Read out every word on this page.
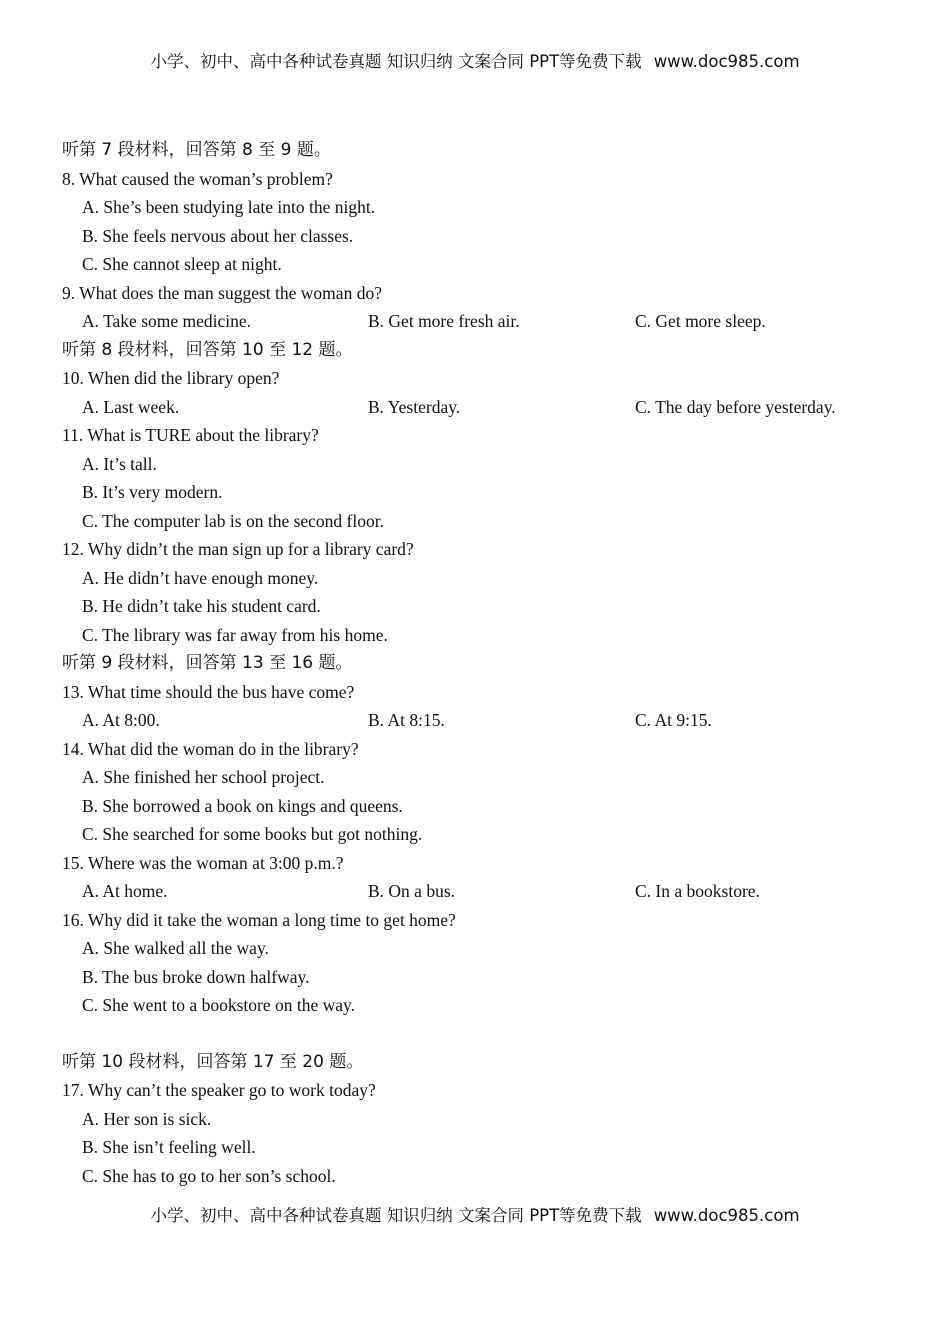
小学、初中、高中各种试卷真题 知识归纳 文案合同 PPT等免费下载 www.doc985.com
听第 7 段材料，回答第 8 至 9 题。
8. What caused the woman’s problem?
A. She’s been studying late into the night.
B. She feels nervous about her classes.
C. She cannot sleep at night.
9. What does the man suggest the woman do?
A. Take some medicine.	B. Get more fresh air.	C. Get more sleep.
听第 8 段材料，回答第 10 至 12 题。
10. When did the library open?
A. Last week.	B. Yesterday.	C. The day before yesterday.
11. What is TURE about the library?
A. It’s tall.
B. It’s very modern.
C. The computer lab is on the second floor.
12. Why didn’t the man sign up for a library card?
A. He didn’t have enough money.
B. He didn’t take his student card.
C. The library was far away from his home.
听第 9 段材料，回答第 13 至 16 题。
13. What time should the bus have come?
A. At 8:00.	B. At 8:15.	C. At 9:15.
14. What did the woman do in the library?
A. She finished her school project.
B. She borrowed a book on kings and queens.
C. She searched for some books but got nothing.
15. Where was the woman at 3:00 p.m.?
A. At home.	B. On a bus.	C. In a bookstore.
16. Why did it take the woman a long time to get home?
A. She walked all the way.
B. The bus broke down halfway.
C. She went to a bookstore on the way.
听第 10 段材料，回答第 17 至 20 题。
17. Why can’t the speaker go to work today?
A. Her son is sick.
B. She isn’t feeling well.
C. She has to go to her son’s school.
小学、初中、高中各种试卷真题 知识归纳 文案合同 PPT等免费下载 www.doc985.com
